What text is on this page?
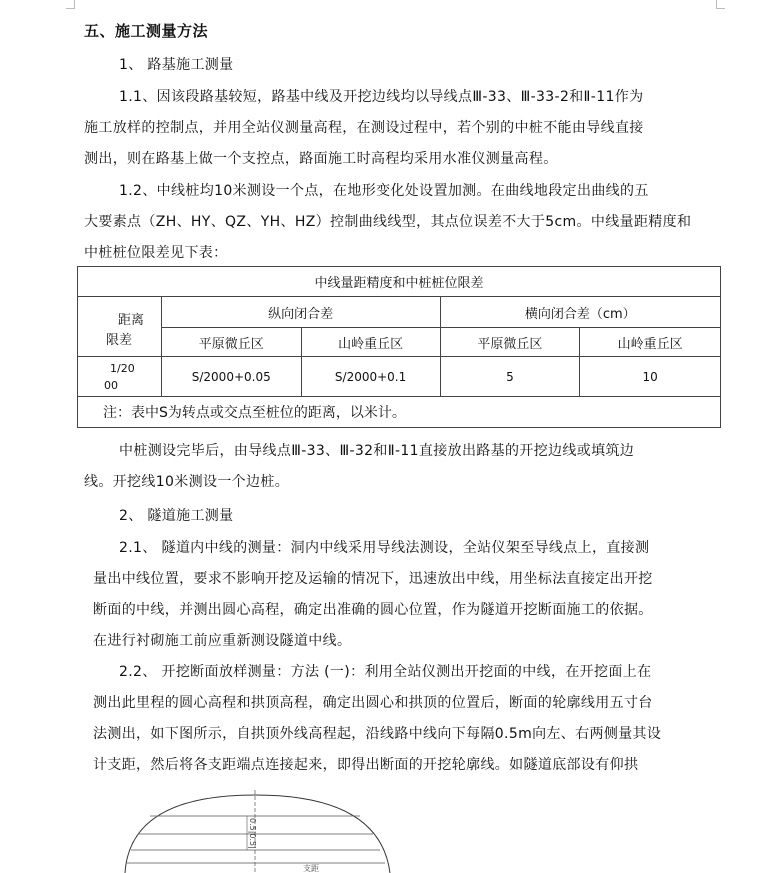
五、施工测量方法
1、 路基施工测量
1.1、因该段路基较短，路基中线及开挖边线均以导线点Ⅲ-33、Ⅲ-33-2和Ⅱ-11作为
施工放样的控制点，并用全站仪测量高程，在测设过程中，若个别的中桩不能由导线直接
测出，则在路基上做一个支控点，路面施工时高程均采用水准仪测量高程。
1.2、中线桩均10米测设一个点，在地形变化处设置加测。在曲线地段定出曲线的五
大要素点（ZH、HY、QZ、YH、HZ）控制曲线线型，其点位误差不大于5cm。中线量距精度和
中桩桩位限差见下表：
中线量距精度和中桩桩位限差				

距离
限差	纵向闭合差		横向闭合差（cm）	
	平原微丘区	山岭重丘区	平原微丘区	山岭重丘区

1/20
00	S/2000+0.05	S/2000+0.1	5	10
注：表中S为转点或交点至桩位的距离，以米计。				
中桩测设完毕后，由导线点Ⅲ-33、Ⅲ-32和Ⅱ-11直接放出路基的开挖边线或填筑边
线。开挖线10米测设一个边桩。
2、 隧道施工测量
2.1、 隧道内中线的测量：洞内中线采用导线法测设，全站仪架至导线点上，直接测
量出中线位置，要求不影响开挖及运输的情况下，迅速放出中线，用坐标法直接定出开挖
断面的中线，并测出圆心高程，确定出准确的圆心位置，作为隧道开挖断面施工的依据。
在进行衬砌施工前应重新测设隧道中线。
2.2、 开挖断面放样测量：方法 (一)：利用全站仪测出开挖面的中线，在开挖面上在
测出此里程的圆心高程和拱顶高程，确定出圆心和拱顶的位置后，断面的轮廓线用五寸台
法测出，如下图所示，自拱顶外线高程起，沿线路中线向下每隔0.5m向左、右两侧量其设
计支距，然后将各支距端点连接起来，即得出断面的开挖轮廓线。如隧道底部设有仰拱
0.5|0.5|
支距
